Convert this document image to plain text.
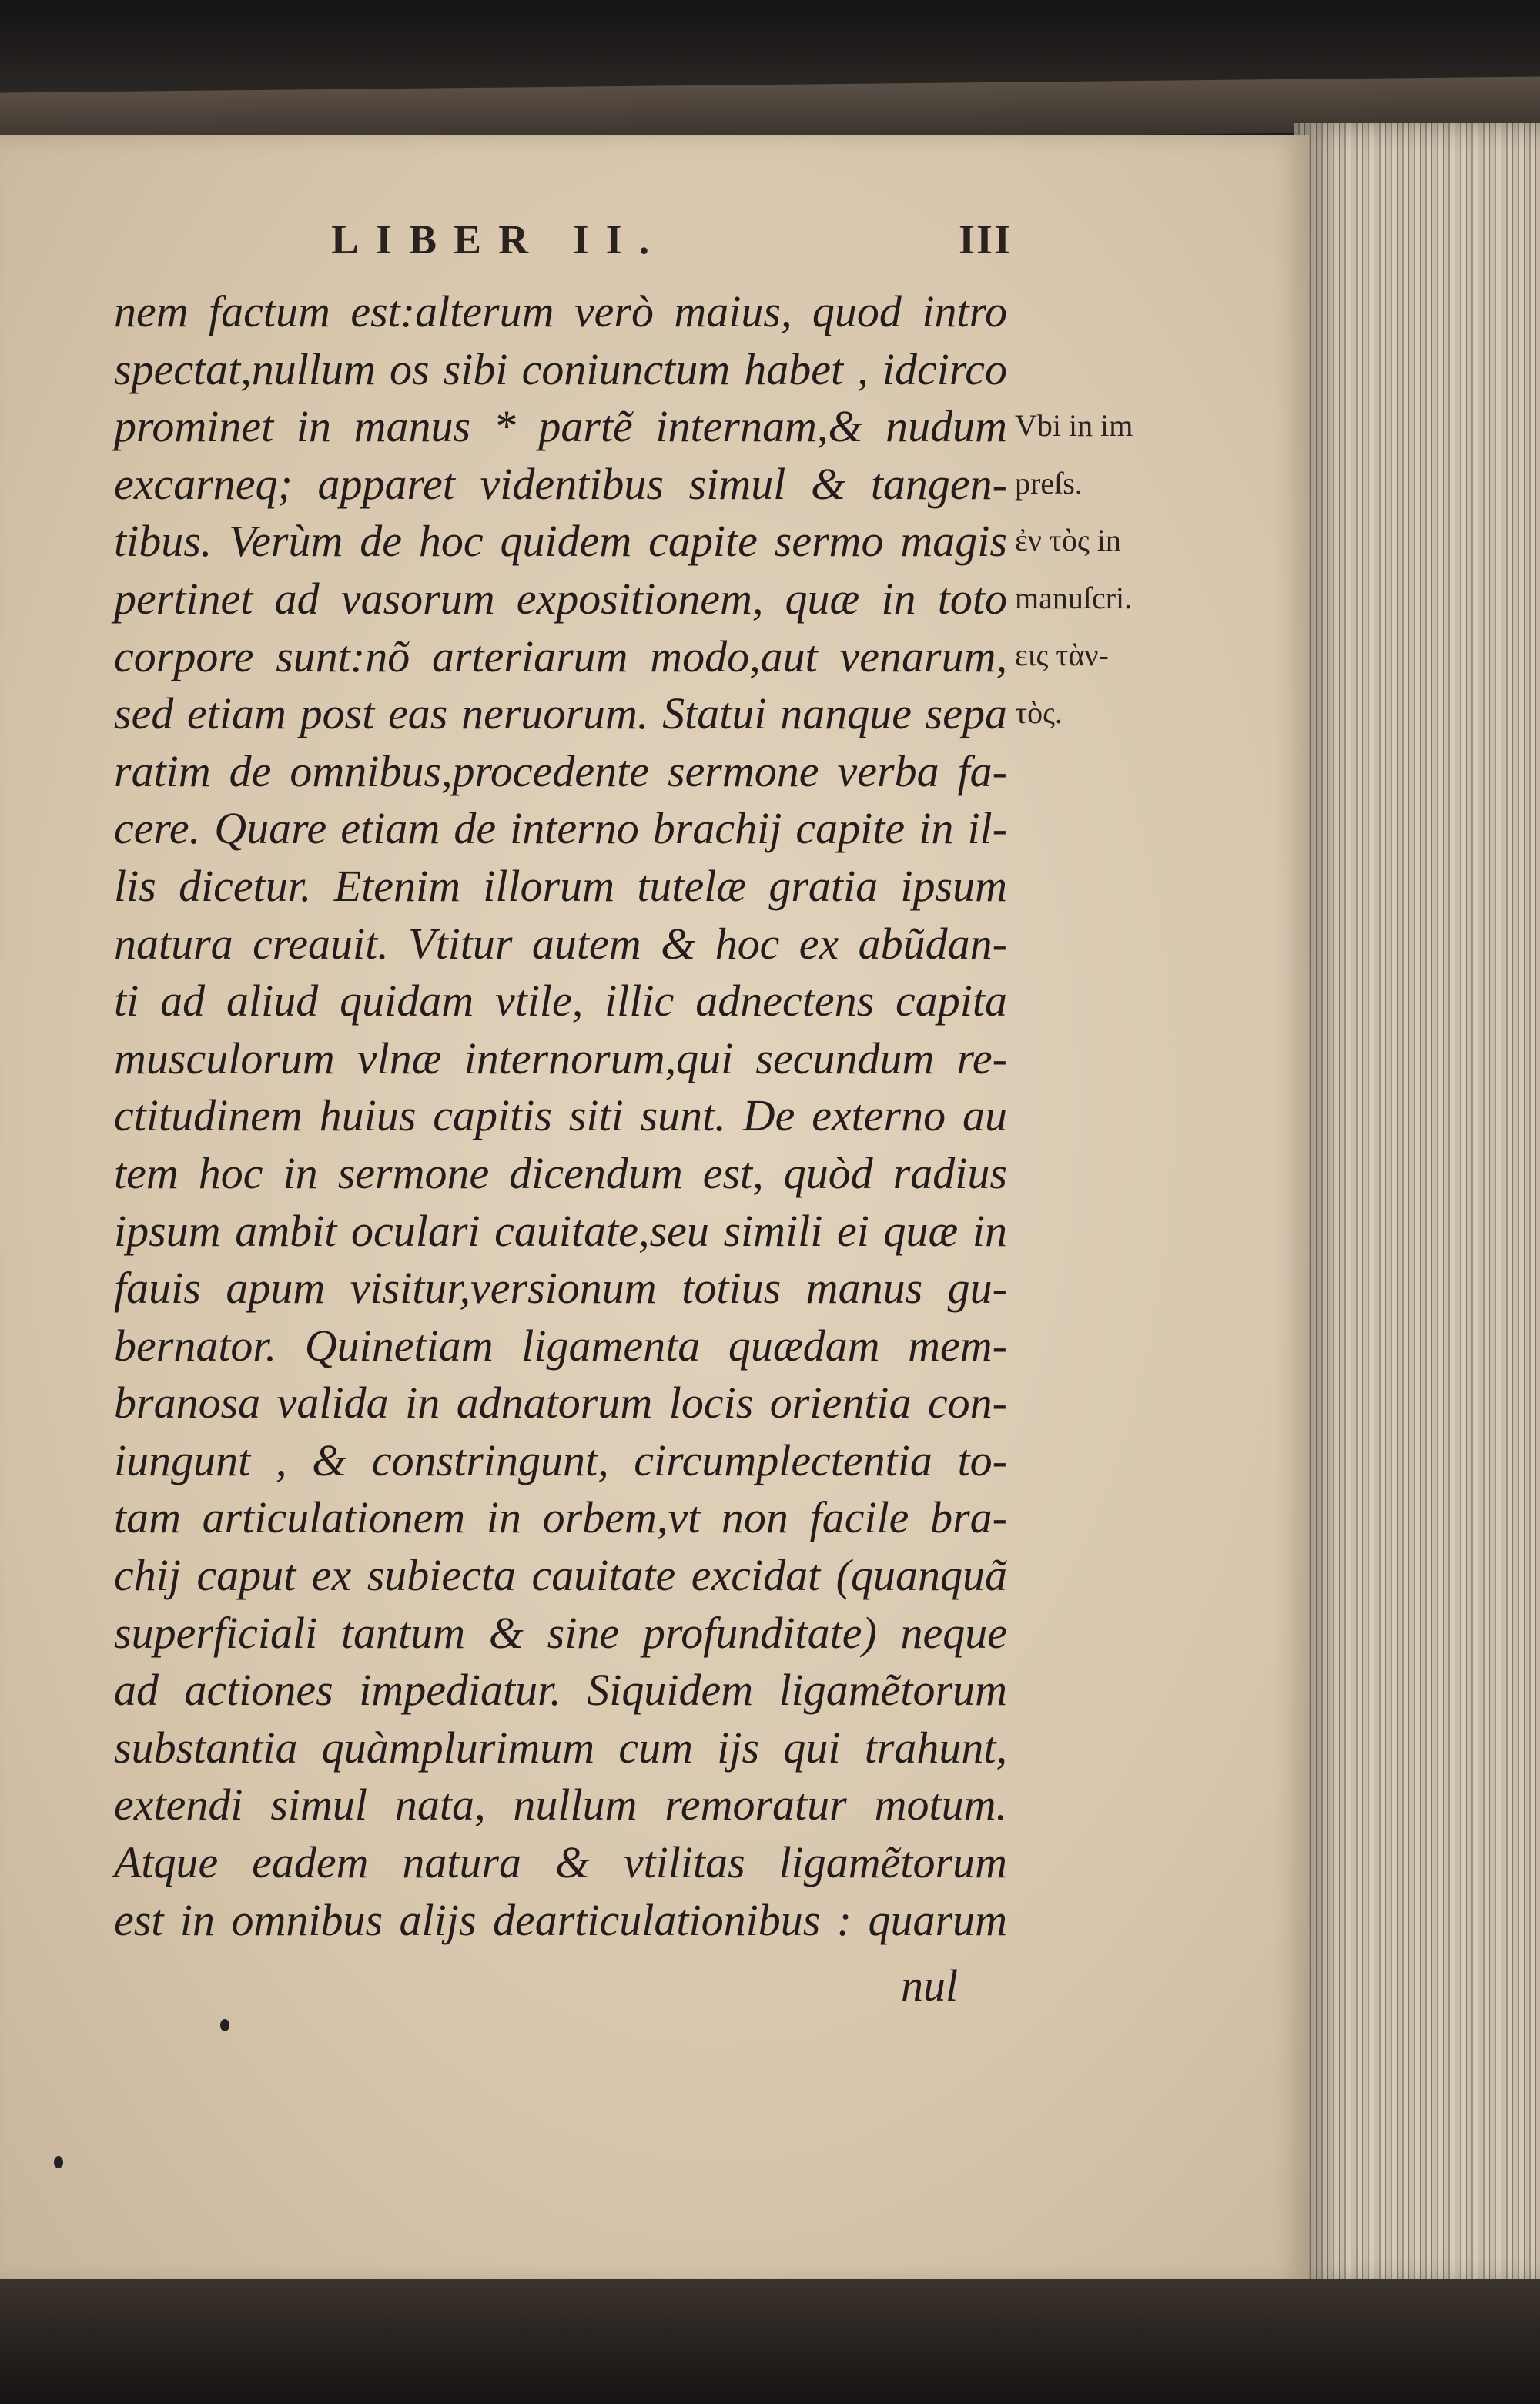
LIBER II.	III
nem factum est:alterum verò maius, quod intro
spectat,nullum os sibi coniunctum habet , idcirco
prominet in manus * partẽ internam,& nudum
excarneq; apparet videntibus simul & tangen-
tibus. Verùm de hoc quidem capite sermo magis
pertinet ad vasorum expositionem, quæ in toto
corpore sunt:nõ arteriarum modo,aut venarum,
sed etiam post eas neruorum. Statui nanque sepa
ratim de omnibus,procedente sermone verba fa-
cere. Quare etiam de interno brachij capite in il-
lis dicetur. Etenim illorum tutelæ gratia ipsum
natura creauit. Vtitur autem & hoc ex abũdan-
ti ad aliud quidam vtile, illic adnectens capita
musculorum vlnæ internorum,qui secundum re-
ctitudinem huius capitis siti sunt. De externo au
tem hoc in sermone dicendum est, quòd radius
ipsum ambit oculari cauitate,seu simili ei quæ in
fauis apum visitur,versionum totius manus gu-
bernator. Quinetiam ligamenta quædam mem-
branosa valida in adnatorum locis orientia con-
iungunt , & constringunt, circumplectentia to-
tam articulationem in orbem,vt non facile bra-
chij caput ex subiecta cauitate excidat (quanquã
superficiali tantum & sine profunditate) neque
ad actiones impediatur. Siquidem ligamẽtorum
substantia quàmplurimum cum ijs qui trahunt,
extendi simul nata, nullum remoratur motum.
Atque eadem natura & vtilitas ligamẽtorum
est in omnibus alijs dearticulationibus : quarum
nul
Vbi in im
preſs.
ἐν τὸς in
manuſcri.
εις τὰν-
τὸς.
